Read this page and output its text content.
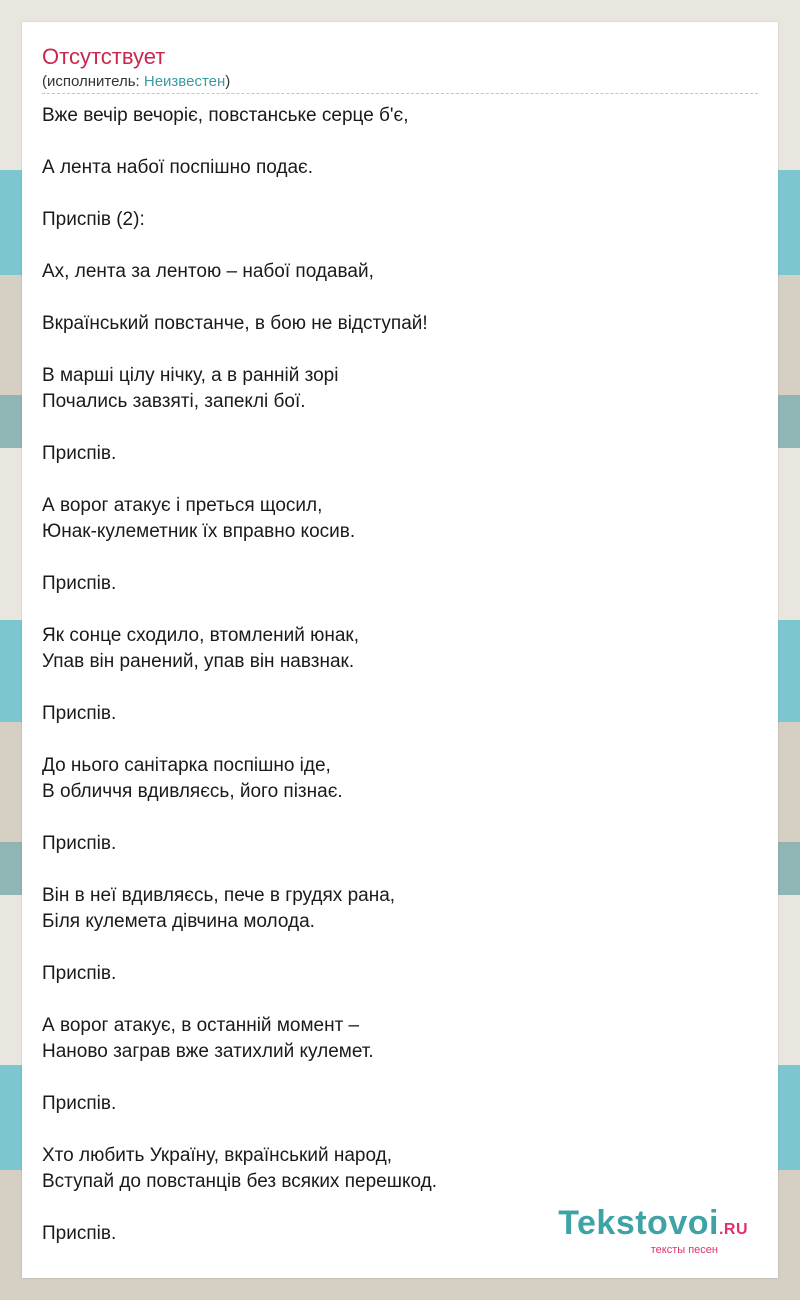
Отсутствует
(исполнитель: Неизвестен)
Вже вечір вечоріє, повстанське серце б'є,
А лента набої поспішно подає.
Приспів (2):
Ах, лента за лентою – набої подавай,
Вкраїнський повстанче, в бою не відступай!
В марші цілу нічку, а в ранній зорі
Почались завзяті, запеклі бої.
Приспів.
А ворог атакує і преться щосил,
Юнак-кулеметник їх вправно косив.
Приспів.
Як сонце сходило, втомлений юнак,
Упав він ранений, упав він навзнак.
Приспів.
До нього санітарка поспішно іде,
В обличчя вдивляєсь, його пізнає.
Приспів.
Він в неї вдивляєсь, пече в грудях рана,
Біля кулемета дівчина молода.
Приспів.
А ворог атакує, в останній момент –
Наново заграв вже затихлий кулемет.
Приспів.
Хто любить Україну, вкраїнський народ,
Вступай до повстанців без всяких перешкод.
Приспів.	Tekstovoi.RU
тексты песен
